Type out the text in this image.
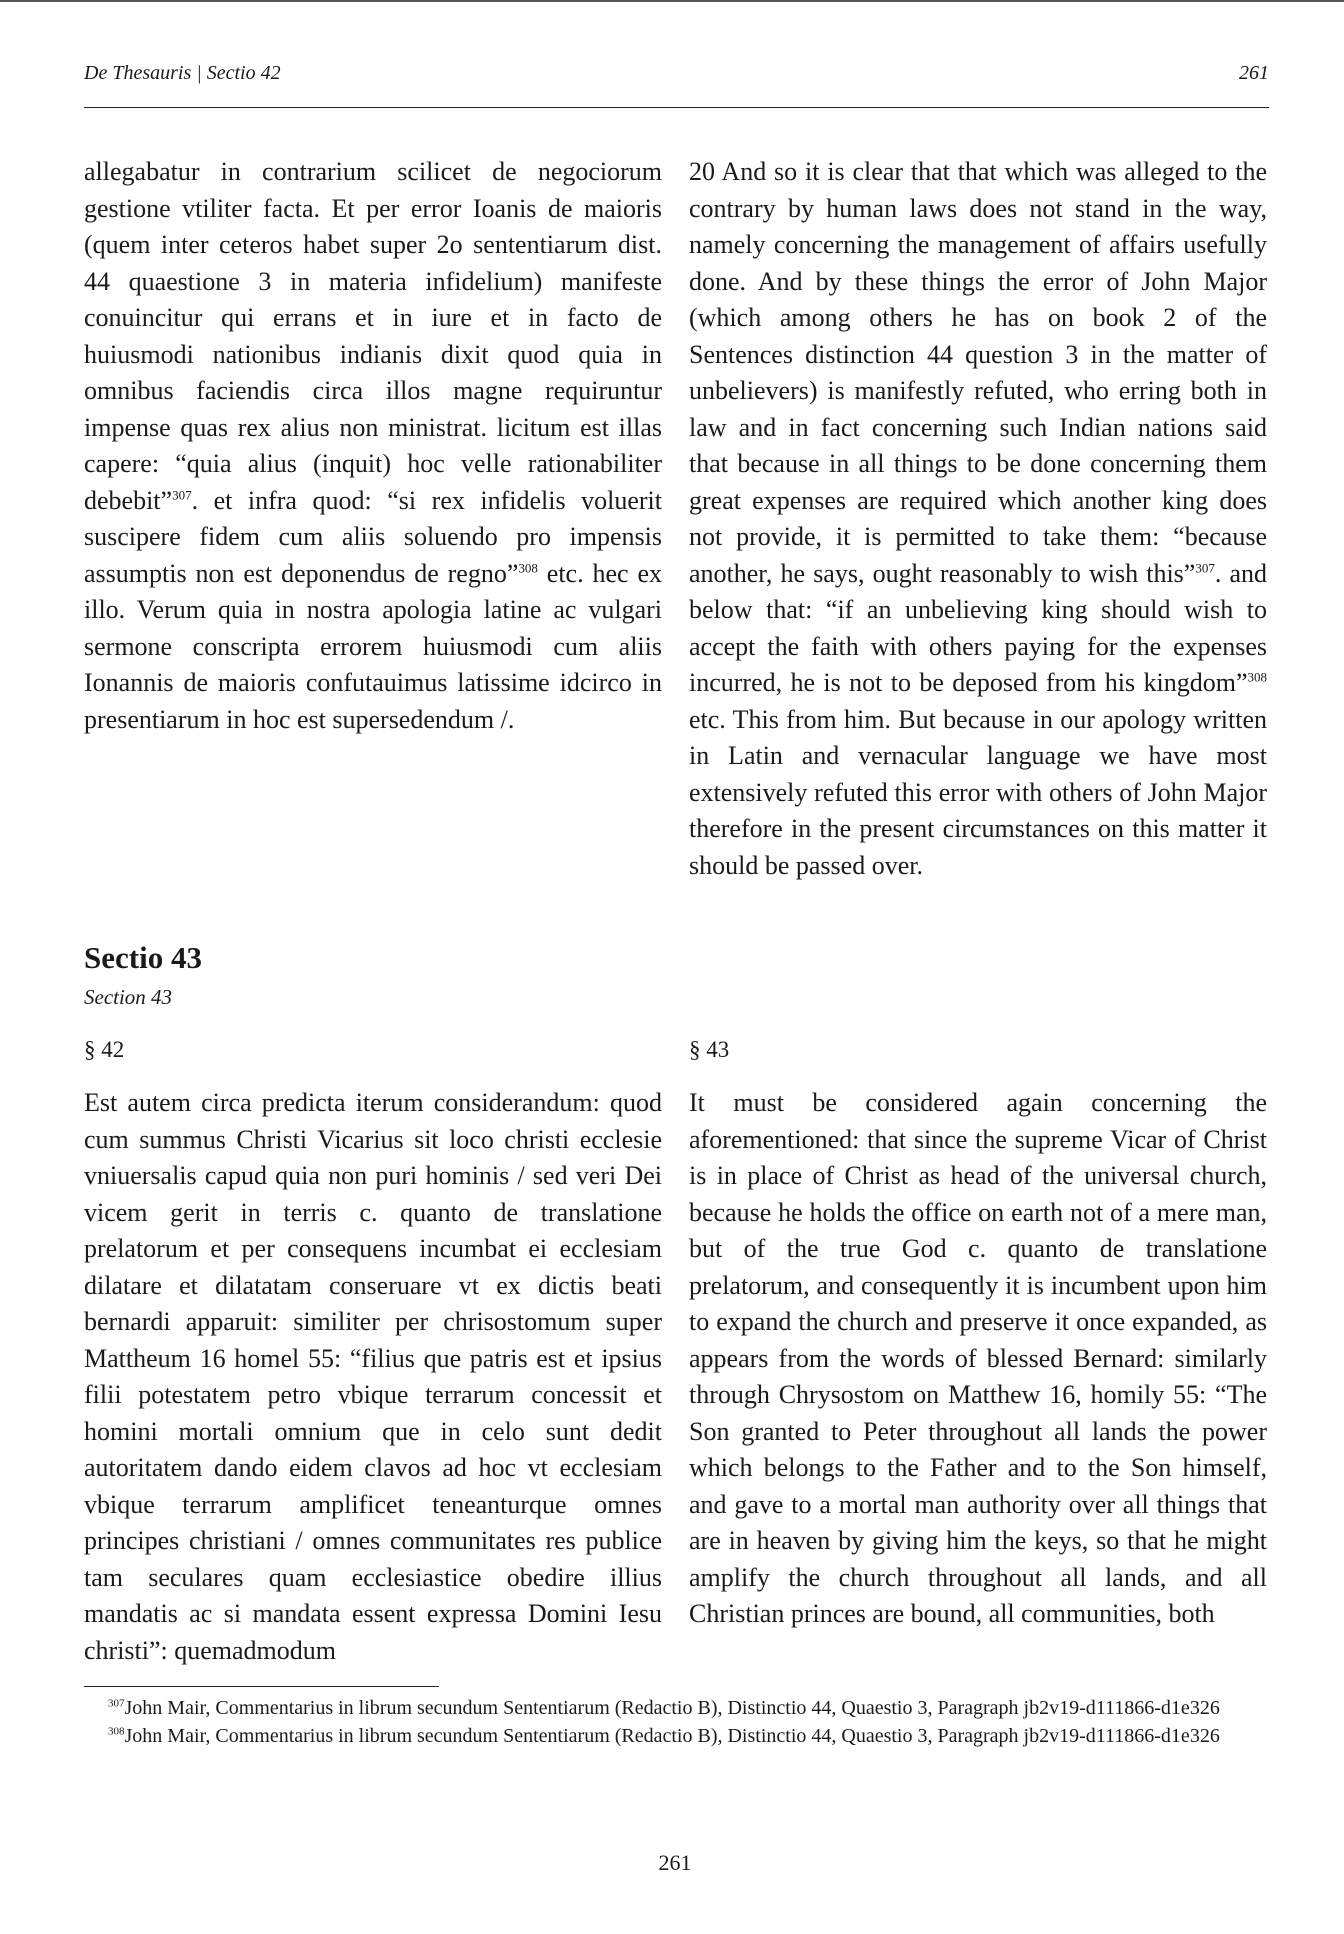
De Thesauris | Sectio 42	261
allegabatur in contrarium scilicet de negociorum gestione vtiliter facta. Et per error Ioanis de maioris (quem inter ceteros habet super 2o sententiarum dist. 44 quaestione 3 in materia infidelium) manifeste conuincitur qui errans et in iure et in facto de huiusmodi nationibus indianis dixit quod quia in omnibus faciendis circa illos magne requiruntur impense quas rex alius non ministrat. licitum est illas capere: “quia alius (inquit) hoc velle rationabiliter debebit”$^{307}$. et infra quod: “si rex infidelis voluerit suscipere fidem cum aliis soluendo pro impensis assumptis non est deponendus de regno”$^{308}$ etc. hec ex illo. Verum quia in nostra apologia latine ac vulgari sermone conscripta errorem huiusmodi cum aliis Ionannis de maioris confutauimus latissime idcirco in presentiarum in hoc est supersedendum /.
20 And so it is clear that that which was alleged to the contrary by human laws does not stand in the way, namely concerning the management of affairs usefully done. And by these things the error of John Major (which among others he has on book 2 of the Sentences distinction 44 question 3 in the matter of unbelievers) is manifestly refuted, who erring both in law and in fact concerning such Indian nations said that because in all things to be done concerning them great expenses are required which another king does not provide, it is permitted to take them: “because another, he says, ought reasonably to wish this”$^{307}$. and below that: “if an unbelieving king should wish to accept the faith with others paying for the expenses incurred, he is not to be deposed from his kingdom”$^{308}$ etc. This from him. But because in our apology written in Latin and vernacular language we have most extensively refuted this error with others of John Major therefore in the present circumstances on this matter it should be passed over.
Sectio 43
Section 43
§ 42	§ 43
Est autem circa predicta iterum considerandum: quod cum summus Christi Vicarius sit loco christi ecclesie vniuersalis capud quia non puri hominis / sed veri Dei vicem gerit in terris c. quanto de translatione prelatorum et per consequens incumbat ei ecclesiam dilatare et dilatatam conseruare vt ex dictis beati bernardi apparuit: similiter per chrisostomum super Mattheum 16 homel 55: “filius que patris est et ipsius filii potestatem petro vbique terrarum concessit et homini mortali omnium que in celo sunt dedit autoritatem dando eidem clavos ad hoc vt ecclesiam vbique terrarum amplificet teneanturque omnes principes christiani / omnes communitates res publice tam seculares quam ecclesiastice obedire illius mandatis ac si mandata essent expressa Domini Iesu christi”: quemadmodum
It must be considered again concerning the aforementioned: that since the supreme Vicar of Christ is in place of Christ as head of the universal church, because he holds the office on earth not of a mere man, but of the true God c. quanto de translatione prelatorum, and consequently it is incumbent upon him to expand the church and preserve it once expanded, as appears from the words of blessed Bernard: similarly through Chrysostom on Matthew 16, homily 55: “The Son granted to Peter throughout all lands the power which belongs to the Father and to the Son himself, and gave to a mortal man authority over all things that are in heaven by giving him the keys, so that he might amplify the church throughout all lands, and all Christian princes are bound, all communities, both
$^{307}$John Mair, Commentarius in librum secundum Sententiarum (Redactio B), Distinctio 44, Quaestio 3, Paragraph jb2v19-d111866-d1e326
$^{308}$John Mair, Commentarius in librum secundum Sententiarum (Redactio B), Distinctio 44, Quaestio 3, Paragraph jb2v19-d111866-d1e326
261
